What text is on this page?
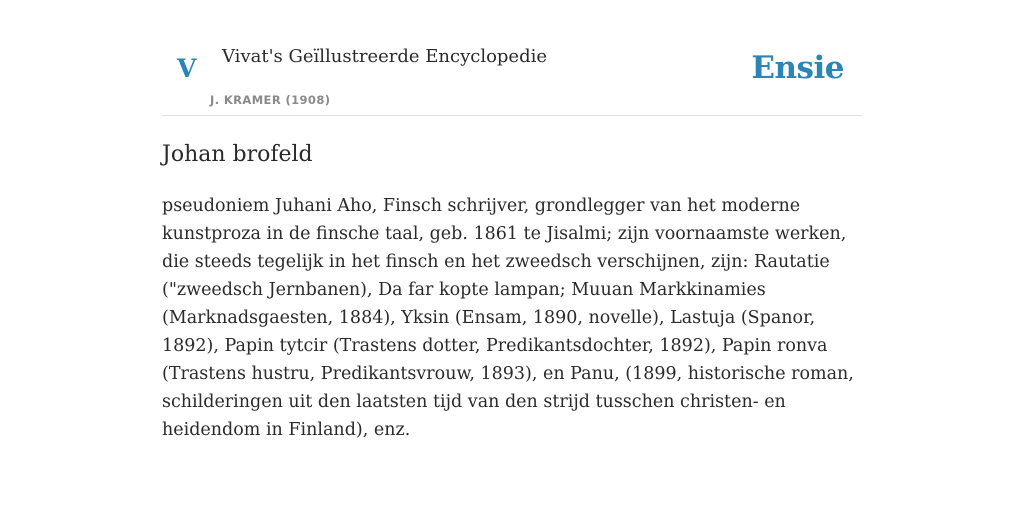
V Vivat's Geïllustreerde Encyclopedie
J. KRAMER (1908)
Ensie
Johan brofeld

pseudoniem Juhani Aho, Finsch schrijver, grondlegger van het moderne kunstproza in de finsche taal, geb. 1861 te Jisalmi; zijn voornaamste werken, die steeds tegelijk in het finsch en het zweedsch verschijnen, zijn: Rautatie ("zweedsch Jernbanen), Da far kopte lampan; Muuan Markkinamies (Marknadsgaesten, 1884), Yksin (Ensam, 1890, novelle), Lastuja (Spanor, 1892), Papin tytcir (Trastens dotter, Predikantsdochter, 1892), Papin ronva (Trastens hustru, Predikantsvrouw, 1893), en Panu, (1899, historische roman, schilderingen uit den laatsten tijd van den strijd tusschen christen- en heidendom in Finland), enz.
